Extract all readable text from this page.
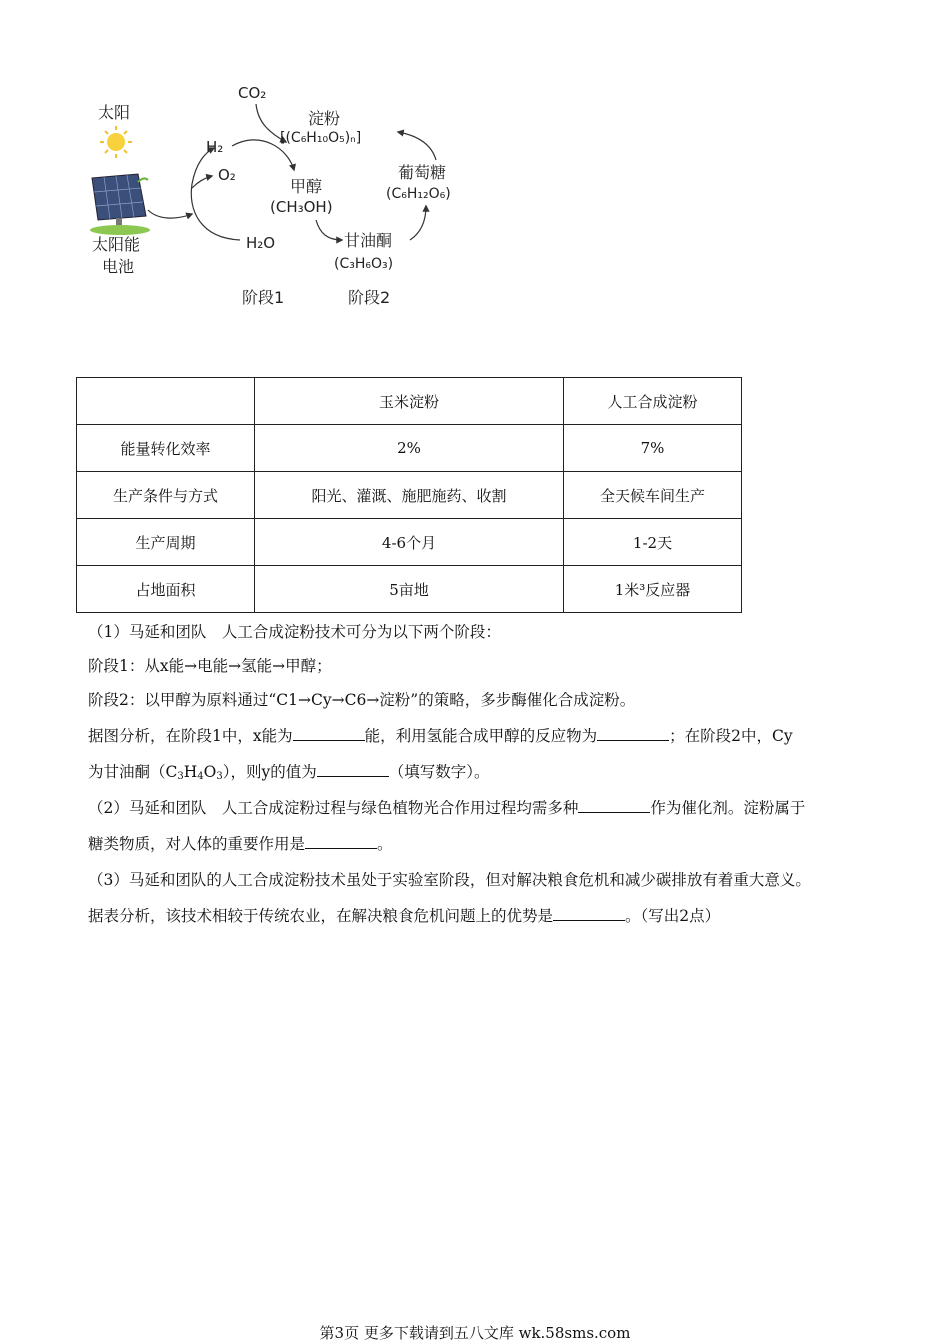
太阳
太阳能
电池
H₂
O₂
H₂O
CO₂
甲醇
(CH₃OH)
淀粉
[(C₆H₁₀O₅)ₙ]
葡萄糖
(C₆H₁₂O₆)
甘油酮
(C₃H₆O₃)
阶段1	阶段2
	玉米淀粉	人工合成淀粉
能量转化效率	2%	7%
生产条件与方式	阳光、灌溉、施肥施药、收割	全天候车间生产
生产周期	4-6个月	1-2天
占地面积	5亩地	1米³反应器
（1）马延和团队　人工合成淀粉技术可分为以下两个阶段：
阶段1：从x能→电能→氢能→甲醇；
阶段2：以甲醇为原料通过“C1→Cy→C6→淀粉”的策略，多步酶催化合成淀粉。
据图分析，在阶段1中，x能为	能，利用氢能合成甲醇的反应物为	；在阶段2中，Cy
为甘油酮$(C_3H_4O_3)$，则y的值为	（填写数字）。
（2）马延和团队　人工合成淀粉过程与绿色植物光合作用过程均需多种	作为催化剂。淀粉属于
糖类物质，对人体的重要作用是	。
（3）马延和团队的人工合成淀粉技术虽处于实验室阶段，但对解决粮食危机和减少碳排放有着重大意义。
据表分析，该技术相较于传统农业，在解决粮食危机问题上的优势是	。（写出2点）
第3页 更多下载请到五八文库 wk.58sms.com
